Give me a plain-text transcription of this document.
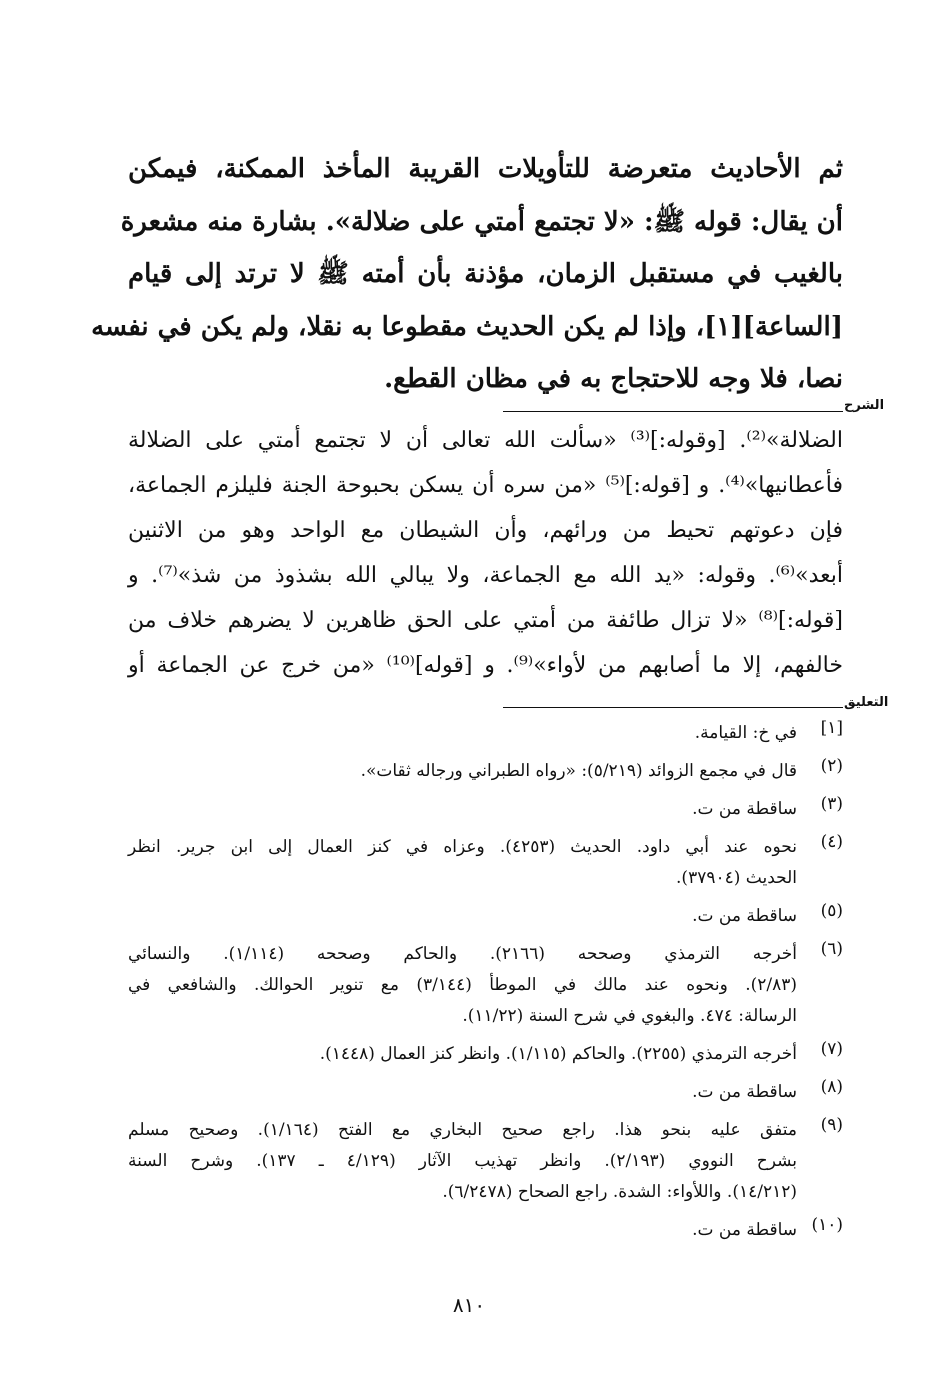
ثم الأحاديث متعرضة للتأويلات القريبة المأخذ الممكنة، فيمكن
أن يقال: قوله ﷺ: «لا تجتمع أمتي على ضلالة». بشارة منه مشعرة
بالغيب في مستقبل الزمان، مؤذنة بأن أمته ﷺ لا ترتد إلى قيام
[الساعة][١]، وإذا لم يكن الحديث مقطوعا به نقلا، ولم يكن في نفسه
نصا، فلا وجه للاحتجاج به في مظان القطع.
الشرح
الضلالة»⁽²⁾. [وقوله:]⁽³⁾ «سألت الله تعالى أن لا تجتمع أمتي على الضلالة
فأعطانيها»⁽⁴⁾. و [قوله:]⁽⁵⁾ «من سره أن يسكن بحبوحة الجنة فليلزم الجماعة،
فإن دعوتهم تحيط من ورائهم، وأن الشيطان مع الواحد وهو من الاثنين
أبعد»⁽⁶⁾. وقوله: «يد الله مع الجماعة، ولا يبالي الله بشذوذ من شذ»⁽⁷⁾. و
[قوله:]⁽⁸⁾ «لا تزال طائفة من أمتي على الحق ظاهرين لا يضرهم خلاف من
خالفهم، إلا ما أصابهم من لأواء»⁽⁹⁾. و [قوله]⁽¹⁰⁾ «من خرج عن الجماعة أو
التعليق
[١]
في خ: القيامة.
(٢)
قال في مجمع الزوائد (٥/٢١٩): «رواه الطبراني ورجاله ثقات».
(٣)
ساقطة من ت.
(٤)
نحوه عند أبي داود. الحديث (٤٢٥٣). وعزاه في كنز العمال إلى ابن جرير. انظر
الحديث (٣٧٩٠٤).
(٥)
ساقطة من ت.
(٦)
أخرجه الترمذي وصححه (٢١٦٦). والحاكم وصححه (١/١١٤). والنسائي
(٢/٨٣). ونحوه عند مالك في الموطأ (٣/١٤٤) مع تنوير الحوالك. والشافعي في
الرسالة: ٤٧٤. والبغوي في شرح السنة (١١/٢٢).
(٧)
أخرجه الترمذي (٢٢٥٥). والحاكم (١/١١٥). وانظر كنز العمال (١٤٤٨).
(٨)
ساقطة من ت.
(٩)
متفق عليه بنحو هذا. راجع صحيح البخاري مع الفتح (١/١٦٤). وصحيح مسلم
بشرح النووي (٢/١٩٣). وانظر تهذيب الآثار (٤/١٢٩ ـ ١٣٧). وشرح السنة
(١٤/٢١٢). واللأواء: الشدة. راجع الصحاح (٦/٢٤٧٨).
(١٠)
ساقطة من ت.
٨١٠
